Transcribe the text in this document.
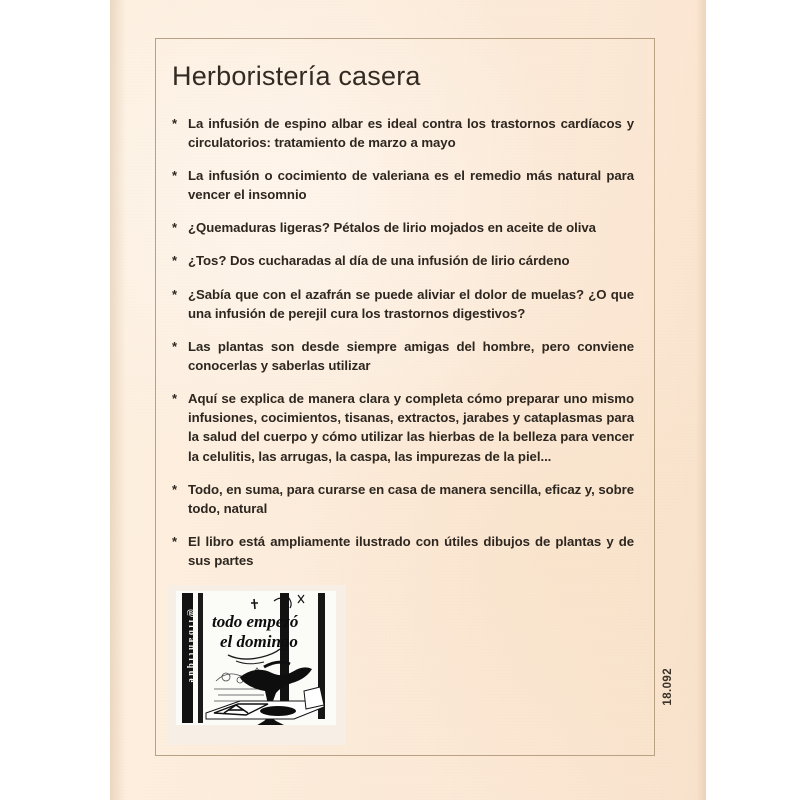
Herboristería casera
* La infusión de espino albar es ideal contra los trastornos cardíacos y circulatorios: tratamiento de marzo a mayo
* La infusión o cocimiento de valeriana es el remedio más natural para vencer el insomnio
* ¿Quemaduras ligeras? Pétalos de lirio mojados en aceite de oliva
* ¿Tos? Dos cucharadas al día de una infusión de lirio cárdeno
* ¿Sabía que con el azafrán se puede aliviar el dolor de muelas? ¿O que una infusión de perejil cura los trastornos digestivos?
* Las plantas son desde siempre amigas del hombre, pero conviene conocerlas y saberlas utilizar
* Aquí se explica de manera clara y completa cómo preparar uno mismo infusiones, cocimientos, tisanas, extractos, jarabes y cataplasmas para la salud del cuerpo y cómo utilizar las hierbas de la belleza para vencer la celulitis, las arrugas, la caspa, las impurezas de la piel...
* Todo, en suma, para curarse en casa de manera sencilla, eficaz y, sobre todo, natural
* El libro está ampliamente ilustrado con útiles dibujos de plantas y de sus partes
@libantique todo empezó
el domingo
18.092
